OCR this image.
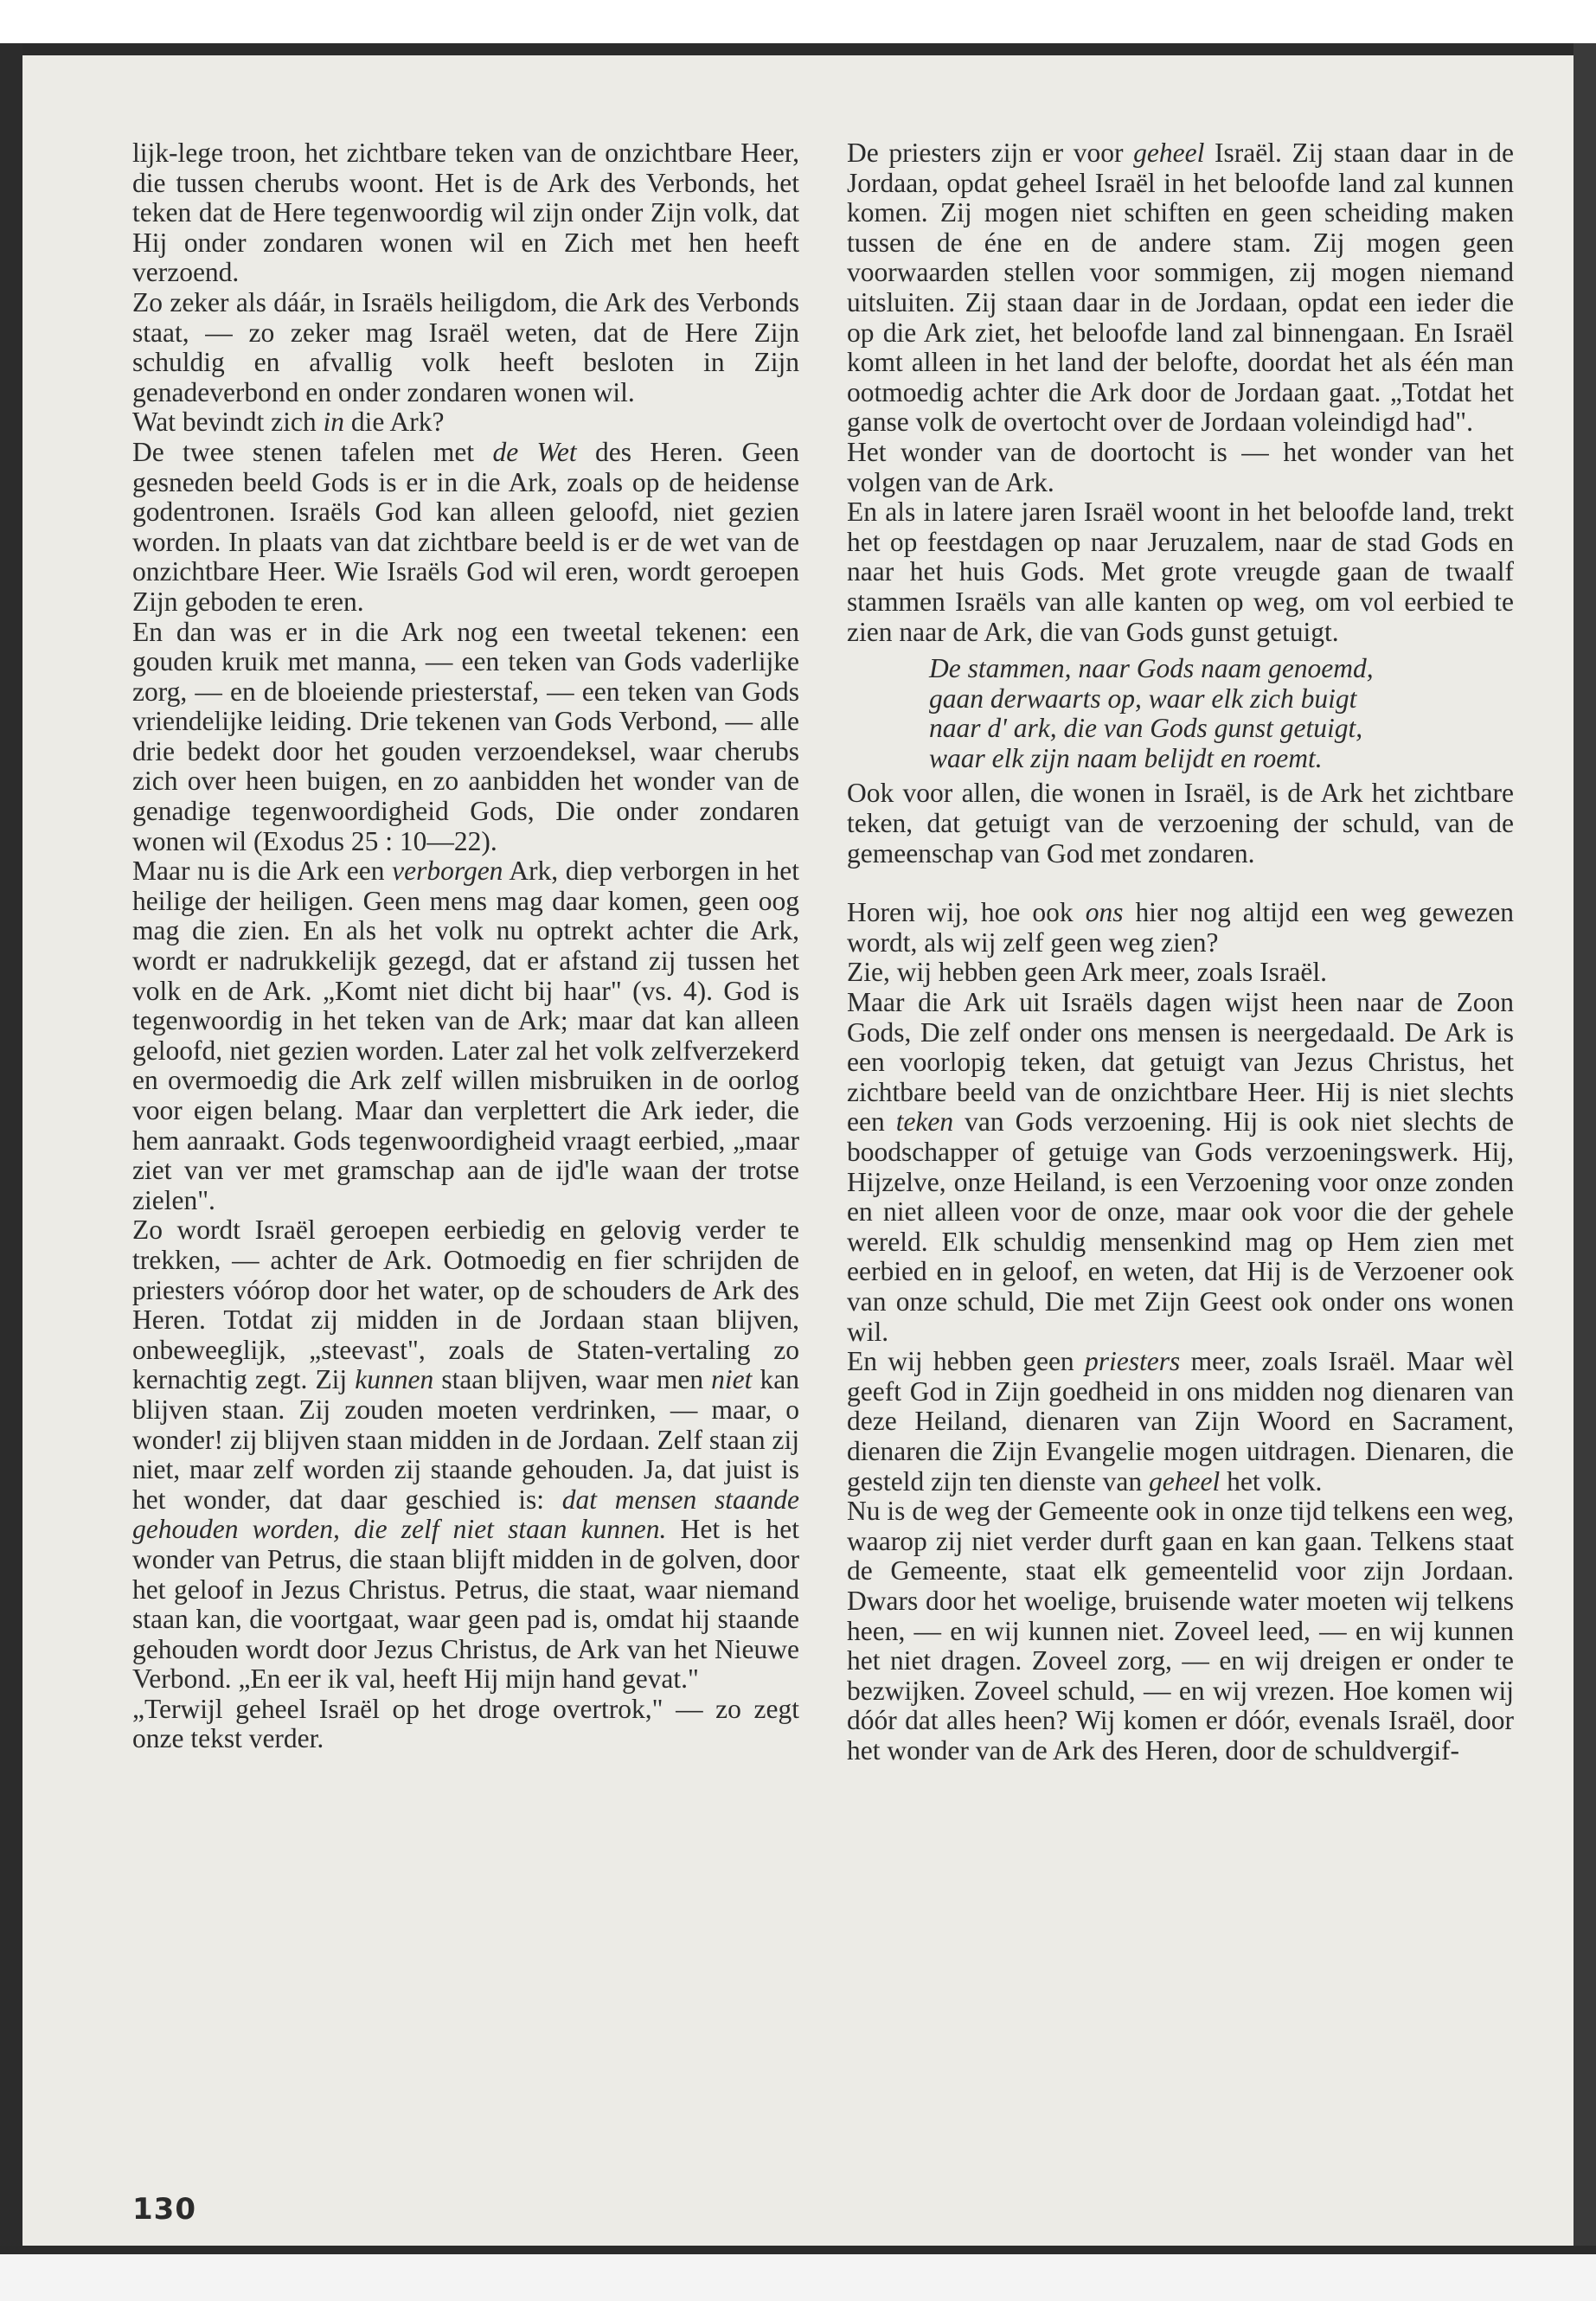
lijk-lege troon, het zichtbare teken van de onzichtbare Heer, die tussen cherubs woont. Het is de Ark des Verbonds, het teken dat de Here tegenwoordig wil zijn onder Zijn volk, dat Hij onder zondaren wonen wil en Zich met hen heeft verzoend.

Zo zeker als dáár, in Israëls heiligdom, die Ark des Verbonds staat, — zo zeker mag Israël weten, dat de Here Zijn schuldig en afvallig volk heeft besloten in Zijn genadeverbond en onder zondaren wonen wil.

Wat bevindt zich in die Ark?

De twee stenen tafelen met de Wet des Heren. Geen gesneden beeld Gods is er in die Ark, zoals op de heidense godentronen. Israëls God kan alleen geloofd, niet gezien worden. In plaats van dat zichtbare beeld is er de wet van de onzichtbare Heer. Wie Israëls God wil eren, wordt geroepen Zijn geboden te eren.

En dan was er in die Ark nog een tweetal tekenen: een gouden kruik met manna, — een teken van Gods vaderlijke zorg, — en de bloeiende priesterstaf, — een teken van Gods vriendelijke leiding. Drie tekenen van Gods Verbond, — alle drie bedekt door het gouden verzoendeksel, waar cherubs zich over heen buigen, en zo aanbidden het wonder van de genadige tegenwoordigheid Gods, Die onder zondaren wonen wil (Exodus 25 : 10—22).

Maar nu is die Ark een verborgen Ark, diep verborgen in het heilige der heiligen. Geen mens mag daar komen, geen oog mag die zien. En als het volk nu optrekt achter die Ark, wordt er nadrukkelijk gezegd, dat er afstand zij tussen het volk en de Ark. „Komt niet dicht bij haar" (vs. 4). God is tegenwoordig in het teken van de Ark; maar dat kan alleen geloofd, niet gezien worden. Later zal het volk zelfverzekerd en overmoedig die Ark zelf willen misbruiken in de oorlog voor eigen belang. Maar dan verplettert die Ark ieder, die hem aanraakt. Gods tegenwoordigheid vraagt eerbied, „maar ziet van ver met gramschap aan de ijd'le waan der trotse zielen".

Zo wordt Israël geroepen eerbiedig en gelovig verder te trekken, — achter de Ark. Ootmoedig en fier schrijden de priesters vóórop door het water, op de schouders de Ark des Heren. Totdat zij midden in de Jordaan staan blijven, onbeweeglijk, „steevast", zoals de Staten-vertaling zo kernachtig zegt. Zij kunnen staan blijven, waar men niet kan blijven staan. Zij zouden moeten verdrinken, — maar, o wonder! zij blijven staan midden in de Jordaan. Zelf staan zij niet, maar zelf worden zij staande gehouden. Ja, dat juist is het wonder, dat daar geschied is: dat mensen staande gehouden worden, die zelf niet staan kunnen. Het is het wonder van Petrus, die staan blijft midden in de golven, door het geloof in Jezus Christus. Petrus, die staat, waar niemand staan kan, die voortgaat, waar geen pad is, omdat hij staande gehouden wordt door Jezus Christus, de Ark van het Nieuwe Verbond. „En eer ik val, heeft Hij mijn hand gevat."

„Terwijl geheel Israël op het droge overtrok," — zo zegt onze tekst verder.

De priesters zijn er voor geheel Israël. Zij staan daar in de Jordaan, opdat geheel Israël in het beloofde land zal kunnen komen. Zij mogen niet schiften en geen scheiding maken tussen de éne en de andere stam. Zij mogen geen voorwaarden stellen voor sommigen, zij mogen niemand uitsluiten. Zij staan daar in de Jordaan, opdat een ieder die op die Ark ziet, het beloofde land zal binnengaan. En Israël komt alleen in het land der belofte, doordat het als één man ootmoedig achter die Ark door de Jordaan gaat. „Totdat het ganse volk de overtocht over de Jordaan voleindigd had".

Het wonder van de doortocht is — het wonder van het volgen van de Ark.

En als in latere jaren Israël woont in het beloofde land, trekt het op feestdagen op naar Jeruzalem, naar de stad Gods en naar het huis Gods. Met grote vreugde gaan de twaalf stammen Israëls van alle kanten op weg, om vol eerbied te zien naar de Ark, die van Gods gunst getuigt.

De stammen, naar Gods naam genoemd,
gaan derwaarts op, waar elk zich buigt
naar d' ark, die van Gods gunst getuigt,
waar elk zijn naam belijdt en roemt.

Ook voor allen, die wonen in Israël, is de Ark het zichtbare teken, dat getuigt van de verzoening der schuld, van de gemeenschap van God met zondaren.

Horen wij, hoe ook ons hier nog altijd een weg gewezen wordt, als wij zelf geen weg zien?

Zie, wij hebben geen Ark meer, zoals Israël.

Maar die Ark uit Israëls dagen wijst heen naar de Zoon Gods, Die zelf onder ons mensen is neergedaald. De Ark is een voorlopig teken, dat getuigt van Jezus Christus, het zichtbare beeld van de onzichtbare Heer. Hij is niet slechts een teken van Gods verzoening. Hij is ook niet slechts de boodschapper of getuige van Gods verzoeningswerk. Hij, Hijzelve, onze Heiland, is een Verzoening voor onze zonden en niet alleen voor de onze, maar ook voor die der gehele wereld. Elk schuldig mensenkind mag op Hem zien met eerbied en in geloof, en weten, dat Hij is de Verzoener ook van onze schuld, Die met Zijn Geest ook onder ons wonen wil.

En wij hebben geen priesters meer, zoals Israël. Maar wèl geeft God in Zijn goedheid in ons midden nog dienaren van deze Heiland, dienaren van Zijn Woord en Sacrament, dienaren die Zijn Evangelie mogen uitdragen. Dienaren, die gesteld zijn ten dienste van geheel het volk.

Nu is de weg der Gemeente ook in onze tijd telkens een weg, waarop zij niet verder durft gaan en kan gaan. Telkens staat de Gemeente, staat elk gemeentelid voor zijn Jordaan. Dwars door het woelige, bruisende water moeten wij telkens heen, — en wij kunnen niet. Zoveel leed, — en wij kunnen het niet dragen. Zoveel zorg, — en wij dreigen er onder te bezwijken. Zoveel schuld, — en wij vrezen. Hoe komen wij dóór dat alles heen? Wij komen er dóór, evenals Israël, door het wonder van de Ark des Heren, door de schuldvergif-

130
